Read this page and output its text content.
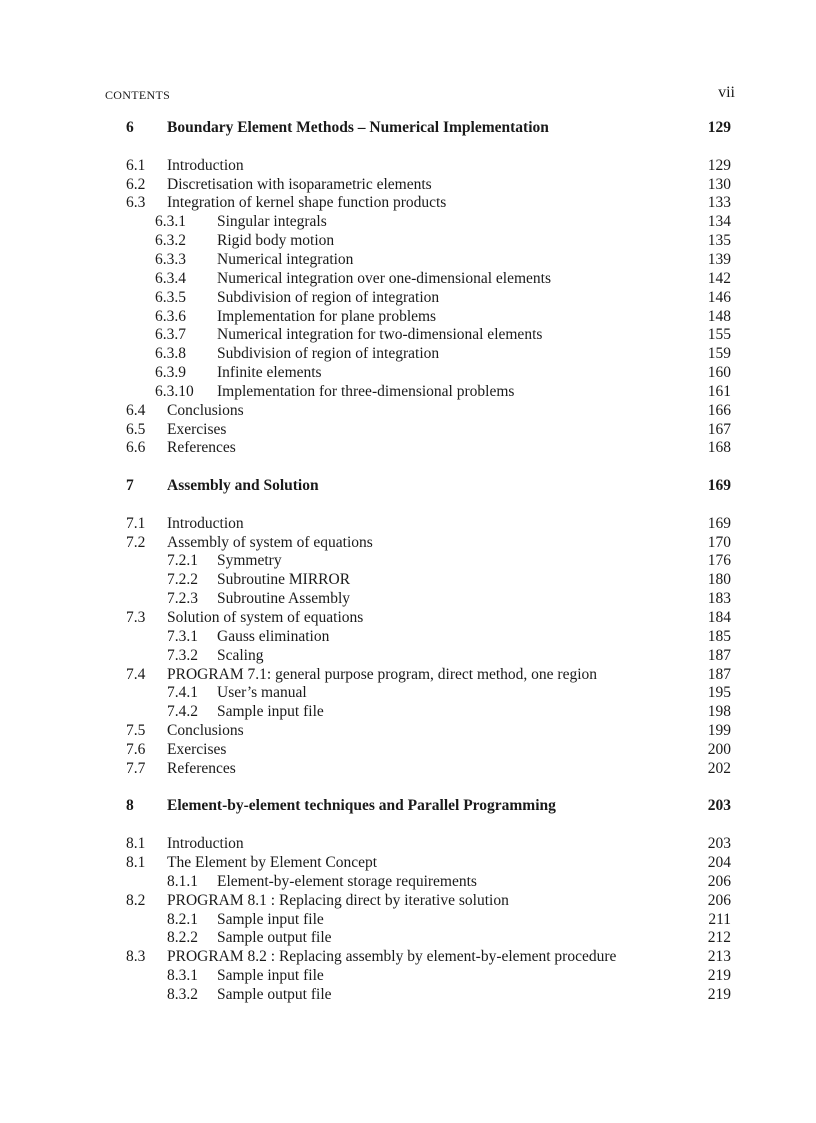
CONTENTS	vii
6 Boundary Element Methods – Numerical Implementation	129
6.1 Introduction	129
6.2 Discretisation with isoparametric elements	130
6.3 Integration of kernel shape function products	133
6.3.1 Singular integrals	134
6.3.2 Rigid body motion	135
6.3.3 Numerical integration	139
6.3.4 Numerical integration over one-dimensional elements	142
6.3.5 Subdivision of region of integration	146
6.3.6 Implementation for plane problems	148
6.3.7 Numerical integration for two-dimensional elements	155
6.3.8 Subdivision of region of integration	159
6.3.9 Infinite elements	160
6.3.10 Implementation for three-dimensional problems	161
6.4 Conclusions	166
6.5 Exercises	167
6.6 References	168
7 Assembly and Solution	169
7.1 Introduction	169
7.2 Assembly of system of equations	170
7.2.1 Symmetry	176
7.2.2 Subroutine MIRROR	180
7.2.3 Subroutine Assembly	183
7.3 Solution of system of equations	184
7.3.1 Gauss elimination	185
7.3.2 Scaling	187
7.4 PROGRAM 7.1: general purpose program, direct method, one region	187
7.4.1 User’s manual	195
7.4.2 Sample input file	198
7.5 Conclusions	199
7.6 Exercises	200
7.7 References	202
8 Element-by-element techniques and Parallel Programming	203
8.1 Introduction	203
8.1 The Element by Element Concept	204
8.1.1 Element-by-element storage requirements	206
8.2 PROGRAM 8.1 : Replacing direct by iterative solution	206
8.2.1 Sample input file	211
8.2.2 Sample output file	212
8.3 PROGRAM 8.2 : Replacing assembly by element-by-element procedure	213
8.3.1 Sample input file	219
8.3.2 Sample output file	219
